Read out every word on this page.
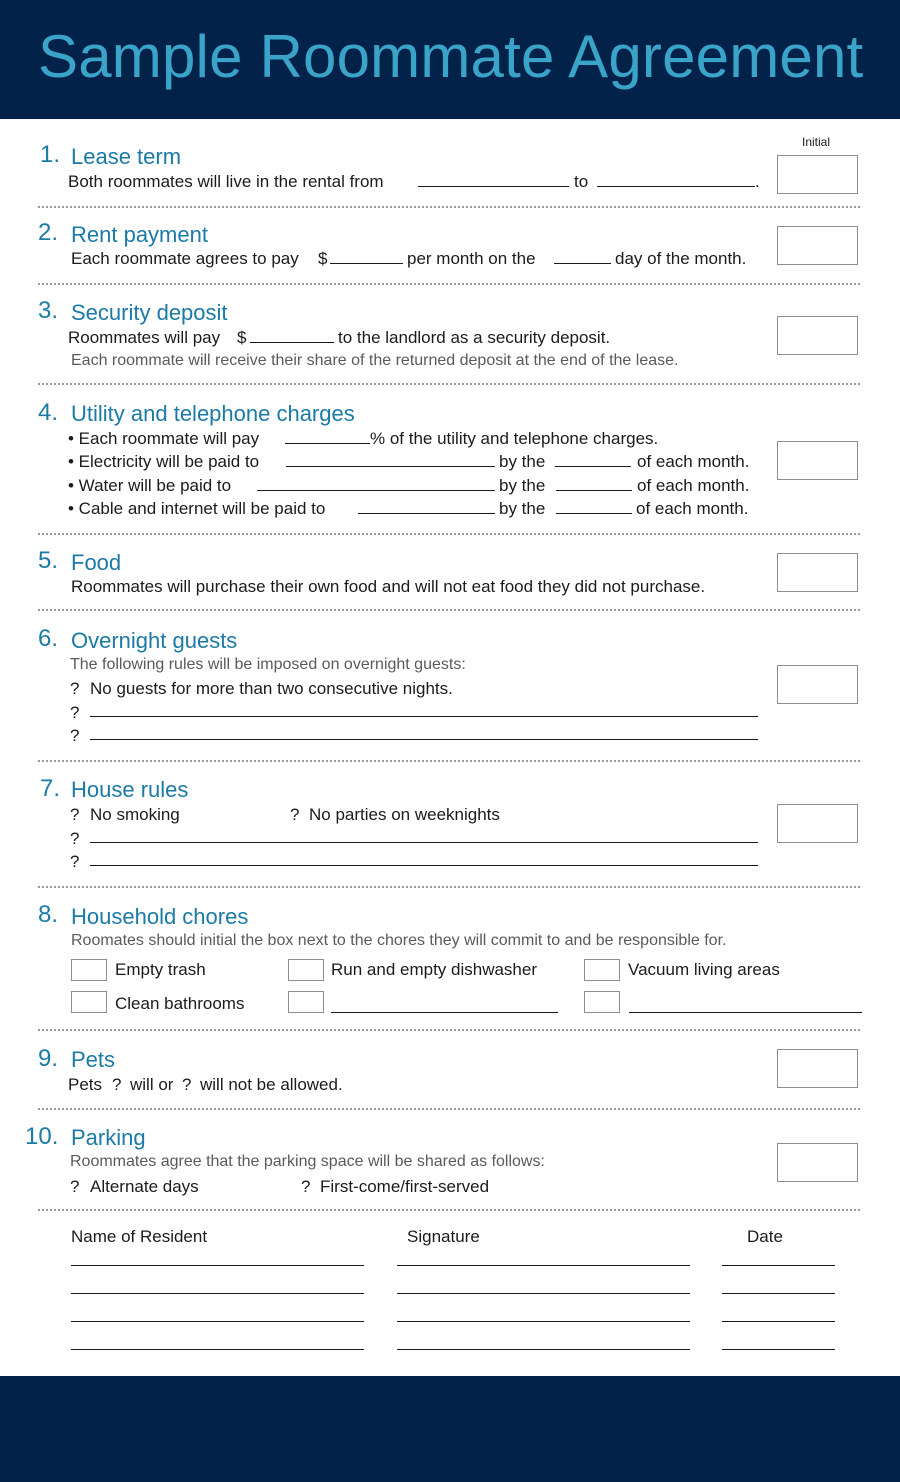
Sample Roommate Agreement
Initial
1. Lease term
Both roommates will live in the rental from	to	.
2. Rent payment
Each roommate agrees to pay $	per month on the	day of the month.
3. Security deposit
Roommates will pay $	to the landlord as a security deposit.
Each roommate will receive their share of the returned deposit at the end of the lease.
4. Utility and telephone charges
• Each roommate will pay	% of the utility and telephone charges.
• Electricity will be paid to	by the	of each month.
• Water will be paid to	by the	of each month.
• Cable and internet will be paid to	by the	of each month.
5. Food
Roommates will purchase their own food and will not eat food they did not purchase.
6. Overnight guests
The following rules will be imposed on overnight guests:
? No guests for more than two consecutive nights.
?
?
7. House rules
? No smoking	? No parties on weeknights
?
?
8. Household chores
Roomates should initial the box next to the chores they will commit to and be responsible for.
Empty trash	Run and empty dishwasher	Vacuum living areas
Clean bathrooms
9. Pets
Pets ? will or ? will not be allowed.
10. Parking
Roommates agree that the parking space will be shared as follows:
? Alternate days	? First-come/first-served
Name of Resident	Signature	Date
